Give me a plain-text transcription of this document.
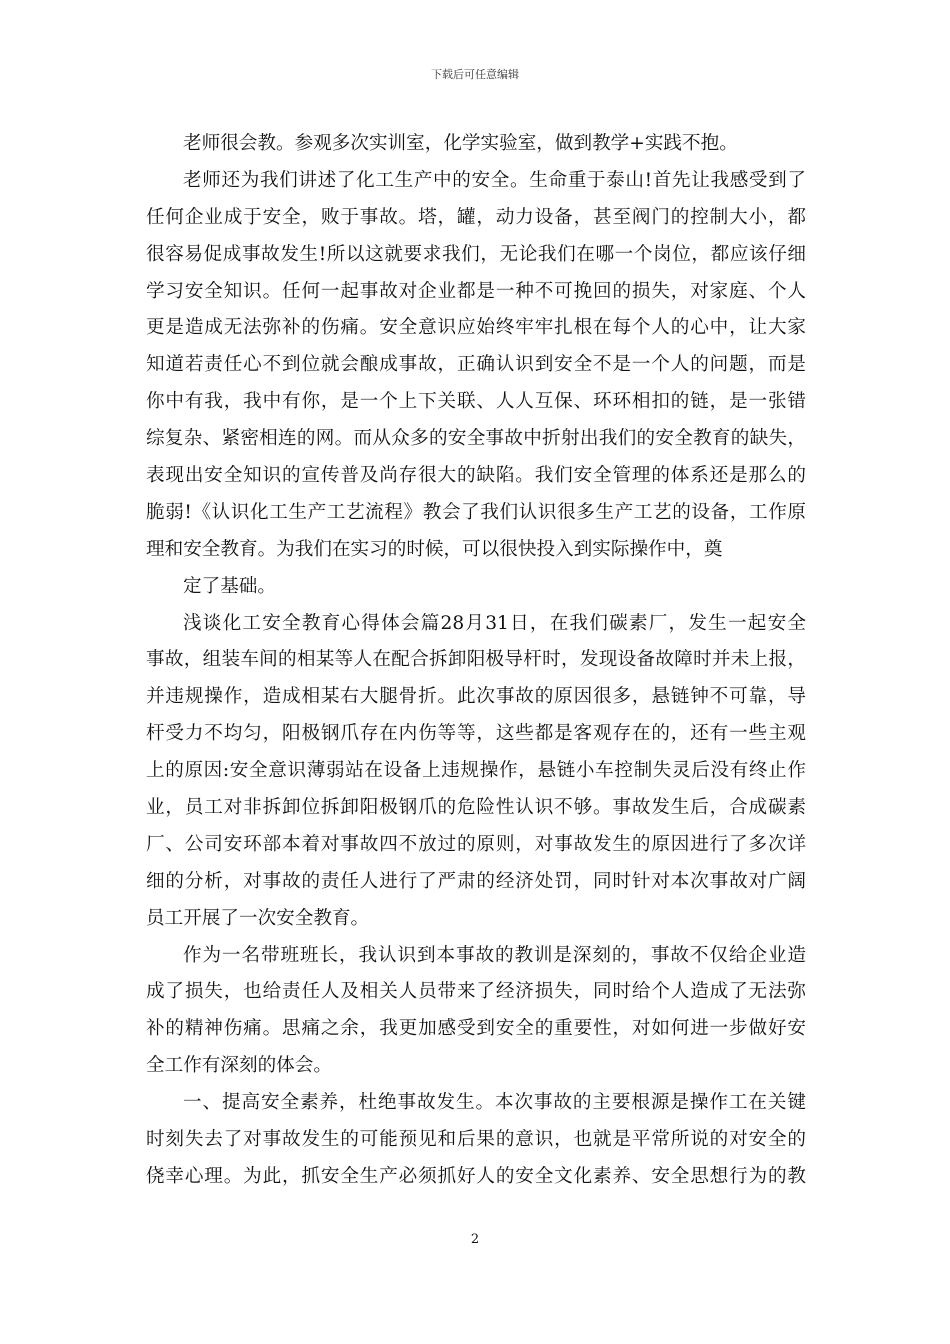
下载后可任意编辑
老师很会教。参观多次实训室，化学实验室，做到教学+实践不抱。
老师还为我们讲述了化工生产中的安全。生命重于泰山!首先让我感受到了
任何企业成于安全，败于事故。塔，罐，动力设备，甚至阀门的控制大小，都
很容易促成事故发生!所以这就要求我们，无论我们在哪一个岗位，都应该仔细
学习安全知识。任何一起事故对企业都是一种不可挽回的损失，对家庭、个人
更是造成无法弥补的伤痛。安全意识应始终牢牢扎根在每个人的心中，让大家
知道若责任心不到位就会酿成事故，正确认识到安全不是一个人的问题，而是
你中有我，我中有你，是一个上下关联、人人互保、环环相扣的链，是一张错
综复杂、紧密相连的网。而从众多的安全事故中折射出我们的安全教育的缺失，
表现出安全知识的宣传普及尚存很大的缺陷。我们安全管理的体系还是那么的
脆弱!《认识化工生产工艺流程》教会了我们认识很多生产工艺的设备，工作原
理和安全教育。为我们在实习的时候，可以很快投入到实际操作中，奠
定了基础。
浅谈化工安全教育心得体会篇28月31日，在我们碳素厂，发生一起安全
事故，组装车间的相某等人在配合拆卸阳极导杆时，发现设备故障时并未上报，
并违规操作，造成相某右大腿骨折。此次事故的原因很多，悬链钟不可靠，导
杆受力不均匀，阳极钢爪存在内伤等等，这些都是客观存在的，还有一些主观
上的原因:安全意识薄弱站在设备上违规操作，悬链小车控制失灵后没有终止作
业，员工对非拆卸位拆卸阳极钢爪的危险性认识不够。事故发生后，合成碳素
厂、公司安环部本着对事故四不放过的原则，对事故发生的原因进行了多次详
细的分析，对事故的责任人进行了严肃的经济处罚，同时针对本次事故对广阔
员工开展了一次安全教育。
作为一名带班班长，我认识到本事故的教训是深刻的，事故不仅给企业造
成了损失，也给责任人及相关人员带来了经济损失，同时给个人造成了无法弥
补的精神伤痛。思痛之余，我更加感受到安全的重要性，对如何进一步做好安
全工作有深刻的体会。
一、提高安全素养，杜绝事故发生。本次事故的主要根源是操作工在关键
时刻失去了对事故发生的可能预见和后果的意识，也就是平常所说的对安全的
侥幸心理。为此，抓安全生产必须抓好人的安全文化素养、安全思想行为的教
2
